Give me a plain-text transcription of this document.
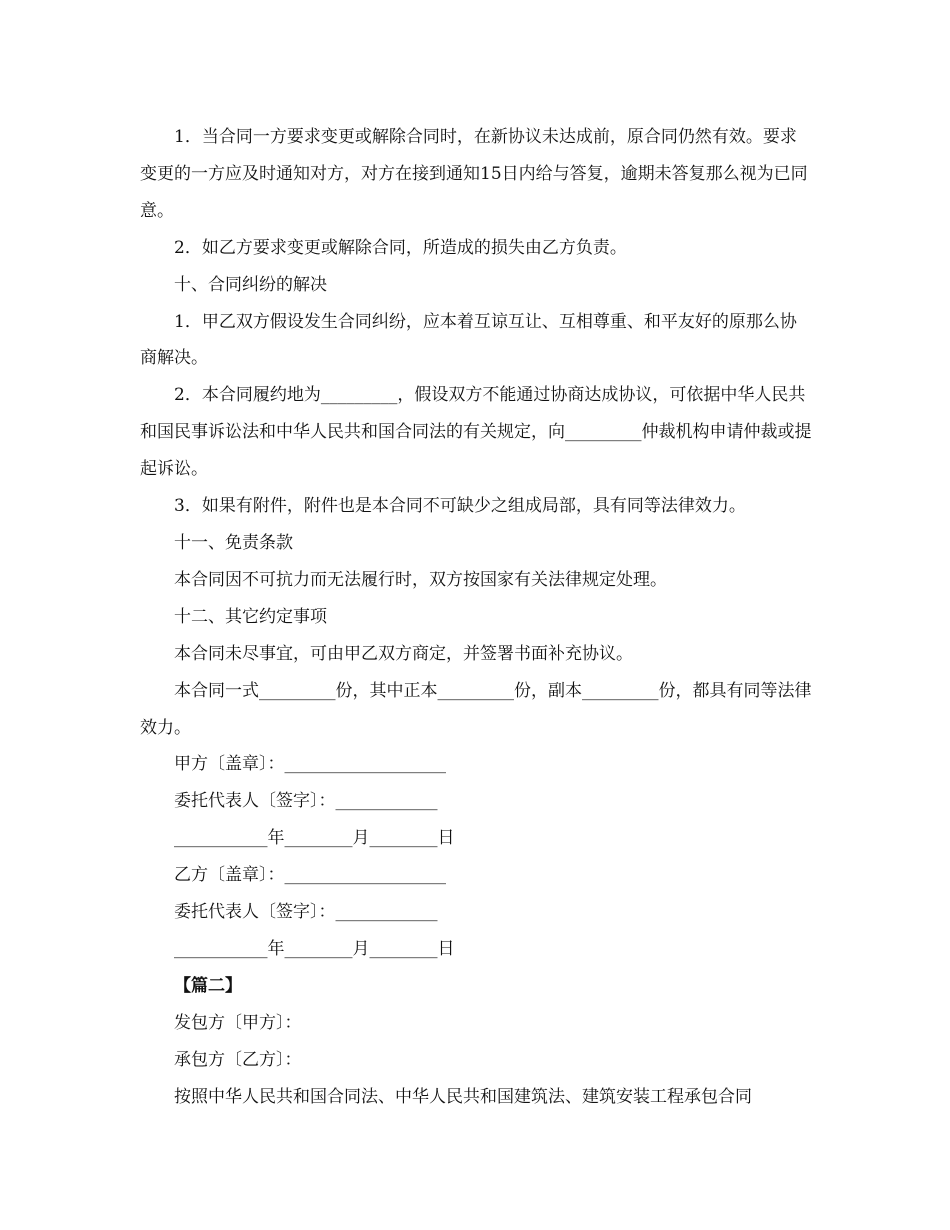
1．当合同一方要求变更或解除合同时，在新协议未达成前，原合同仍然有效。要求变更的一方应及时通知对方，对方在接到通知15日内给与答复，逾期未答复那么视为已同意。

2．如乙方要求变更或解除合同，所造成的损失由乙方负责。

十、合同纠纷的解决

1．甲乙双方假设发生合同纠纷，应本着互谅互让、互相尊重、和平友好的原那么协商解决。

2．本合同履约地为_________，假设双方不能通过协商达成协议，可依据中华人民共和国民事诉讼法和中华人民共和国合同法的有关规定，向_________仲裁机构申请仲裁或提起诉讼。

3．如果有附件，附件也是本合同不可缺少之组成局部，具有同等法律效力。

十一、免责条款

本合同因不可抗力而无法履行时，双方按国家有关法律规定处理。

十二、其它约定事项

本合同未尽事宜，可由甲乙双方商定，并签署书面补充协议。

本合同一式_________份，其中正本_________份，副本_________份，都具有同等法律效力。

甲方〔盖章〕：___________________
委托代表人〔签字〕：____________
___________年________月________日
乙方〔盖章〕：___________________
委托代表人〔签字〕：____________
___________年________月________日

【篇二】

发包方〔甲方〕：

承包方〔乙方〕：

按照中华人民共和国合同法、中华人民共和国建筑法、建筑安装工程承包合同
